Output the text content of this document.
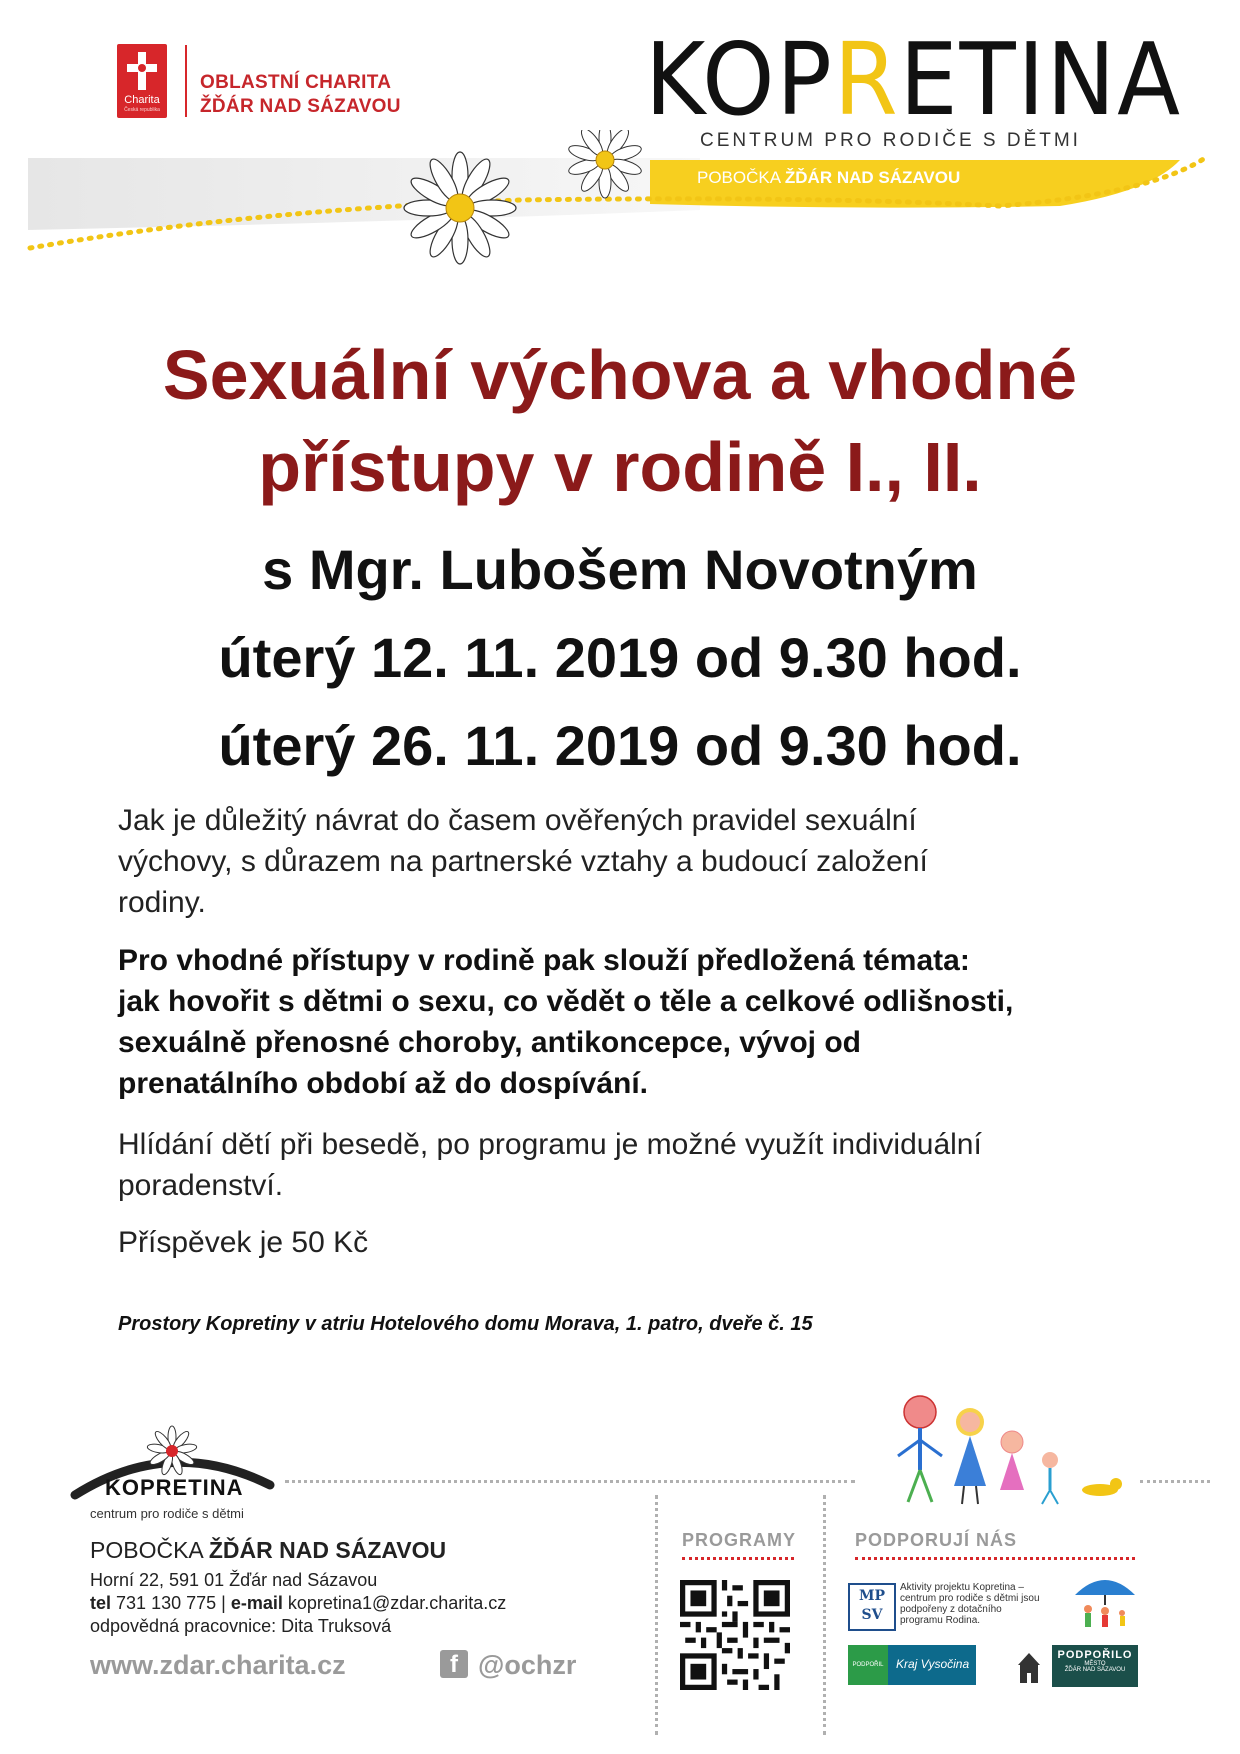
Charita
Česká republika
OBLASTNÍ CHARITA
ŽĎÁR NAD SÁZAVOU KOPRETINA
CENTRUM PRO RODIČE S DĚTMI
POBOČKA ŽĎÁR NAD SÁZAVOU
Sexuální výchova a vhodné
přístupy v rodině I., II.
s Mgr. Lubošem Novotným
úterý 12. 11. 2019 od 9.30 hod.
úterý 26. 11. 2019 od 9.30 hod.
Jak je důležitý návrat do časem ověřených pravidel sexuální
výchovy, s důrazem na partnerské vztahy a budoucí založení
rodiny.
Pro vhodné přístupy v rodině pak slouží předložená témata:
jak hovořit s dětmi o sexu, co vědět o těle a celkové odlišnosti,
sexuálně přenosné choroby, antikoncepce, vývoj od
prenatálního období až do dospívání.
Hlídání dětí při besedě, po programu je možné využít individuální
poradenství.
Příspěvek je 50 Kč
Prostory Kopretiny v atriu Hotelového domu Morava, 1. patro, dveře č. 15
KOPRETINA
centrum pro rodiče s dětmi
POBOČKA ŽĎÁR NAD SÁZAVOU
Horní 22, 591 01 Žďár nad Sázavou
tel 731 130 775 | e-mail kopretina1@zdar.charita.cz
odpovědná pracovnice: Dita Truksová
www.zdar.charita.cz	f @ochzr
PROGRAMY	PODPORUJÍ NÁS
MP
SV
Aktivity projektu Kopretina – centrum pro rodiče s dětmi jsou podpořeny z dotačního programu Rodina.
PODPOŘIL	Kraj Vysočina
PODPOŘILO
MĚSTO
ŽĎÁR NAD SÁZAVOU
